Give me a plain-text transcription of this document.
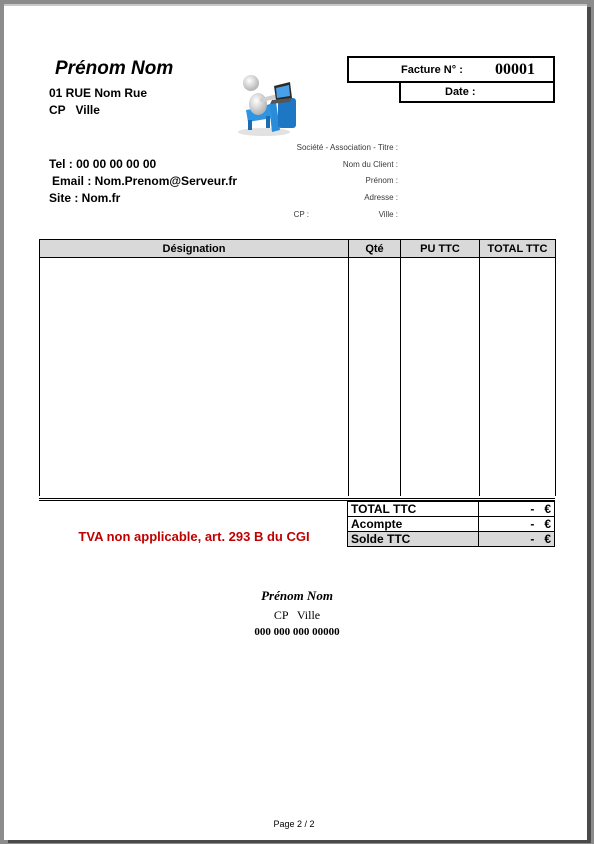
Prénom Nom
01 RUE Nom Rue
CP   Ville
Tel : 00 00 00 00 00
Email : Nom.Prenom@Serveur.fr
Site : Nom.fr
Facture N° : 00001
Date :
Société - Association - Titre :
Nom du Client :
Prénom :
Adresse :
CP :	Ville :
Désignation	Qté	PU TTC	TOTAL TTC

TOTAL TTC	-   €
Acompte	-   €
Solde TTC	-   €
TVA non applicable, art. 293 B du CGI
Prénom Nom
CP   Ville
000 000 000 00000
Page 2 / 2
